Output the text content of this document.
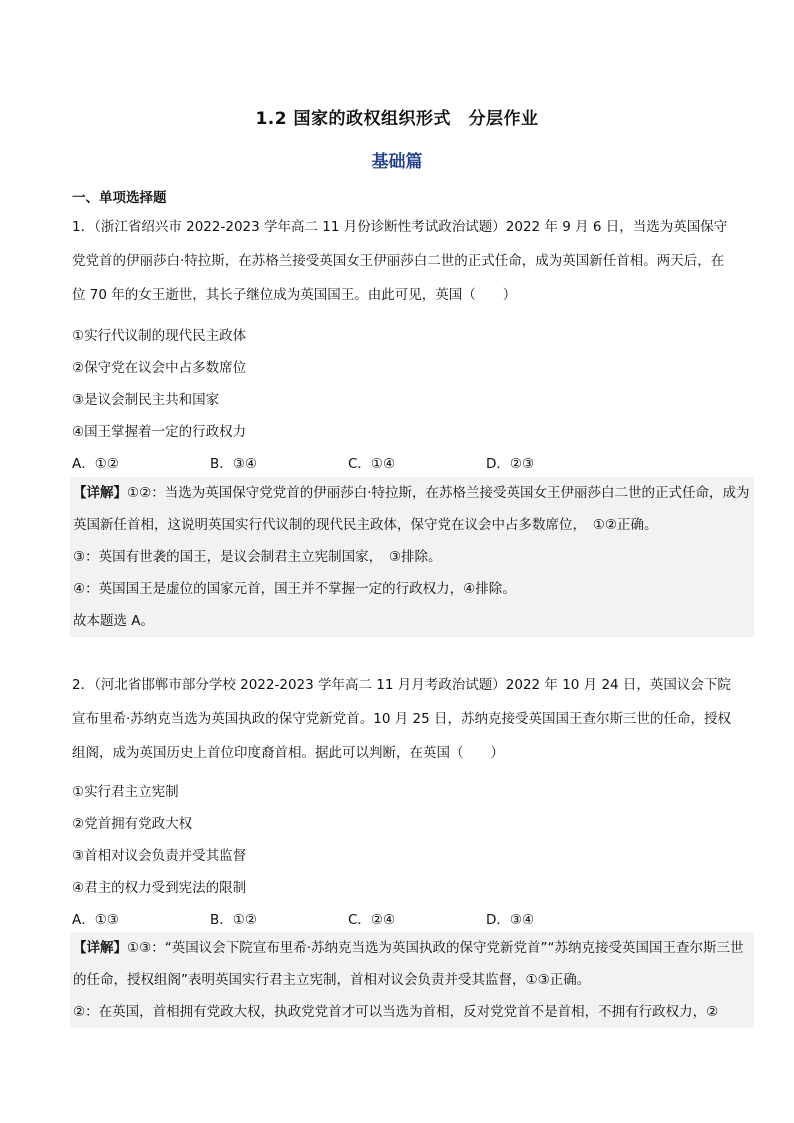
1.2 国家的政权组织形式　分层作业
基础篇
一、单项选择题
1．（浙江省绍兴市 2022-2023 学年高二 11 月份诊断性考试政治试题）2022 年 9 月 6 日，当选为英国保守党党首的伊丽莎白·特拉斯，在苏格兰接受英国女王伊丽莎白二世的正式任命，成为英国新任首相。两天后，在位 70 年的女王逝世，其长子继位成为英国国王。由此可见，英国（　　）
①实行代议制的现代民主政体
②保守党在议会中占多数席位
③是议会制民主共和国家
④国王掌握着一定的行政权力
A．①②	B．③④	C．①④	D．②③

【详解】①②：当选为英国保守党党首的伊丽莎白·特拉斯，在苏格兰接受英国女王伊丽莎白二世的正式任命，成为英国新任首相，这说明英国实行代议制的现代民主政体，保守党在议会中占多数席位，　①②正确。

③：英国有世袭的国王，是议会制君主立宪制国家，　③排除。

④：英国国王是虚位的国家元首，国王并不掌握一定的行政权力，④排除。

故本题选 A。

2．（河北省邯郸市部分学校 2022-2023 学年高二 11 月月考政治试题）2022 年 10 月 24 日，英国议会下院宣布里希·苏纳克当选为英国执政的保守党新党首。10 月 25 日，苏纳克接受英国国王查尔斯三世的任命，授权组阁，成为英国历史上首位印度裔首相。据此可以判断，在英国（　　）
①实行君主立宪制
②党首拥有党政大权
③首相对议会负责并受其监督
④君主的权力受到宪法的限制
A．①③	B．①②	C．②④	D．③④

【详解】①③：“英国议会下院宣布里希·苏纳克当选为英国执政的保守党新党首”“苏纳克接受英国国王查尔斯三世的任命，授权组阁”表明英国实行君主立宪制，首相对议会负责并受其监督，①③正确。

②：在英国，首相拥有党政大权，执政党党首才可以当选为首相，反对党党首不是首相，不拥有行政权力，②
